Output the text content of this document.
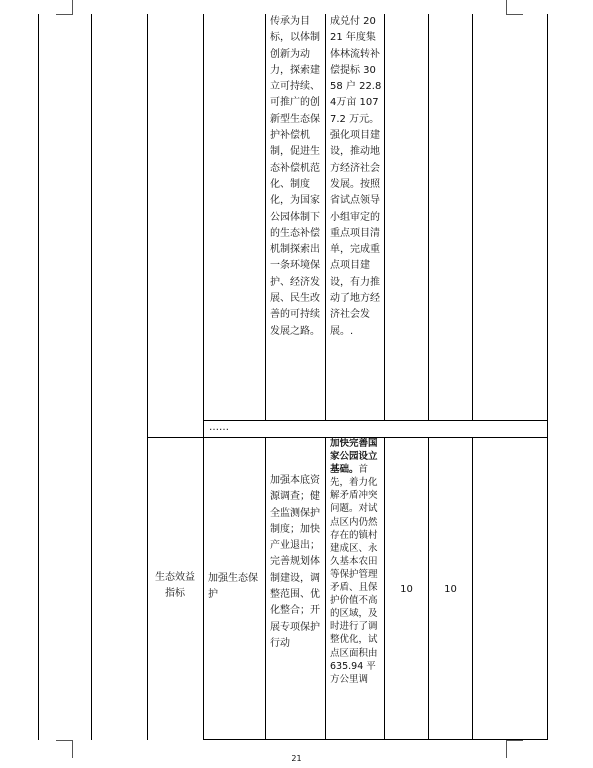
传承为目标，以体制创新为动力，探索建立可持续、可推广的创新型生态保护补偿机制，促进生态补偿机范化、制度化，为国家公园体制下的生态补偿机制探索出一条环境保护、经济发展、民生改善的可持续发展之路。
成兑付 2021 年度集体林流转补偿提标 3058 户 22.84万亩 1077.2 万元。强化项目建设，推动地方经济社会发展。按照省试点领导小组审定的重点项目清单，完成重点项目建设，有力推动了地方经济社会发展。.
……
生态效益指标
加强生态保护
加强本底资源调查；健全监测保护制度；加快产业退出；完善规划体制建设，调整范围、优化整合；开展专项保护行动
加快完善国家公园设立基础。首先，着力化解矛盾冲突问题。对试点区内仍然存在的镇村建成区、永久基本农田等保护管理矛盾、且保护价值不高的区域，及时进行了调整优化，试点区面积由 635.94 平方公里调
10	10
21
